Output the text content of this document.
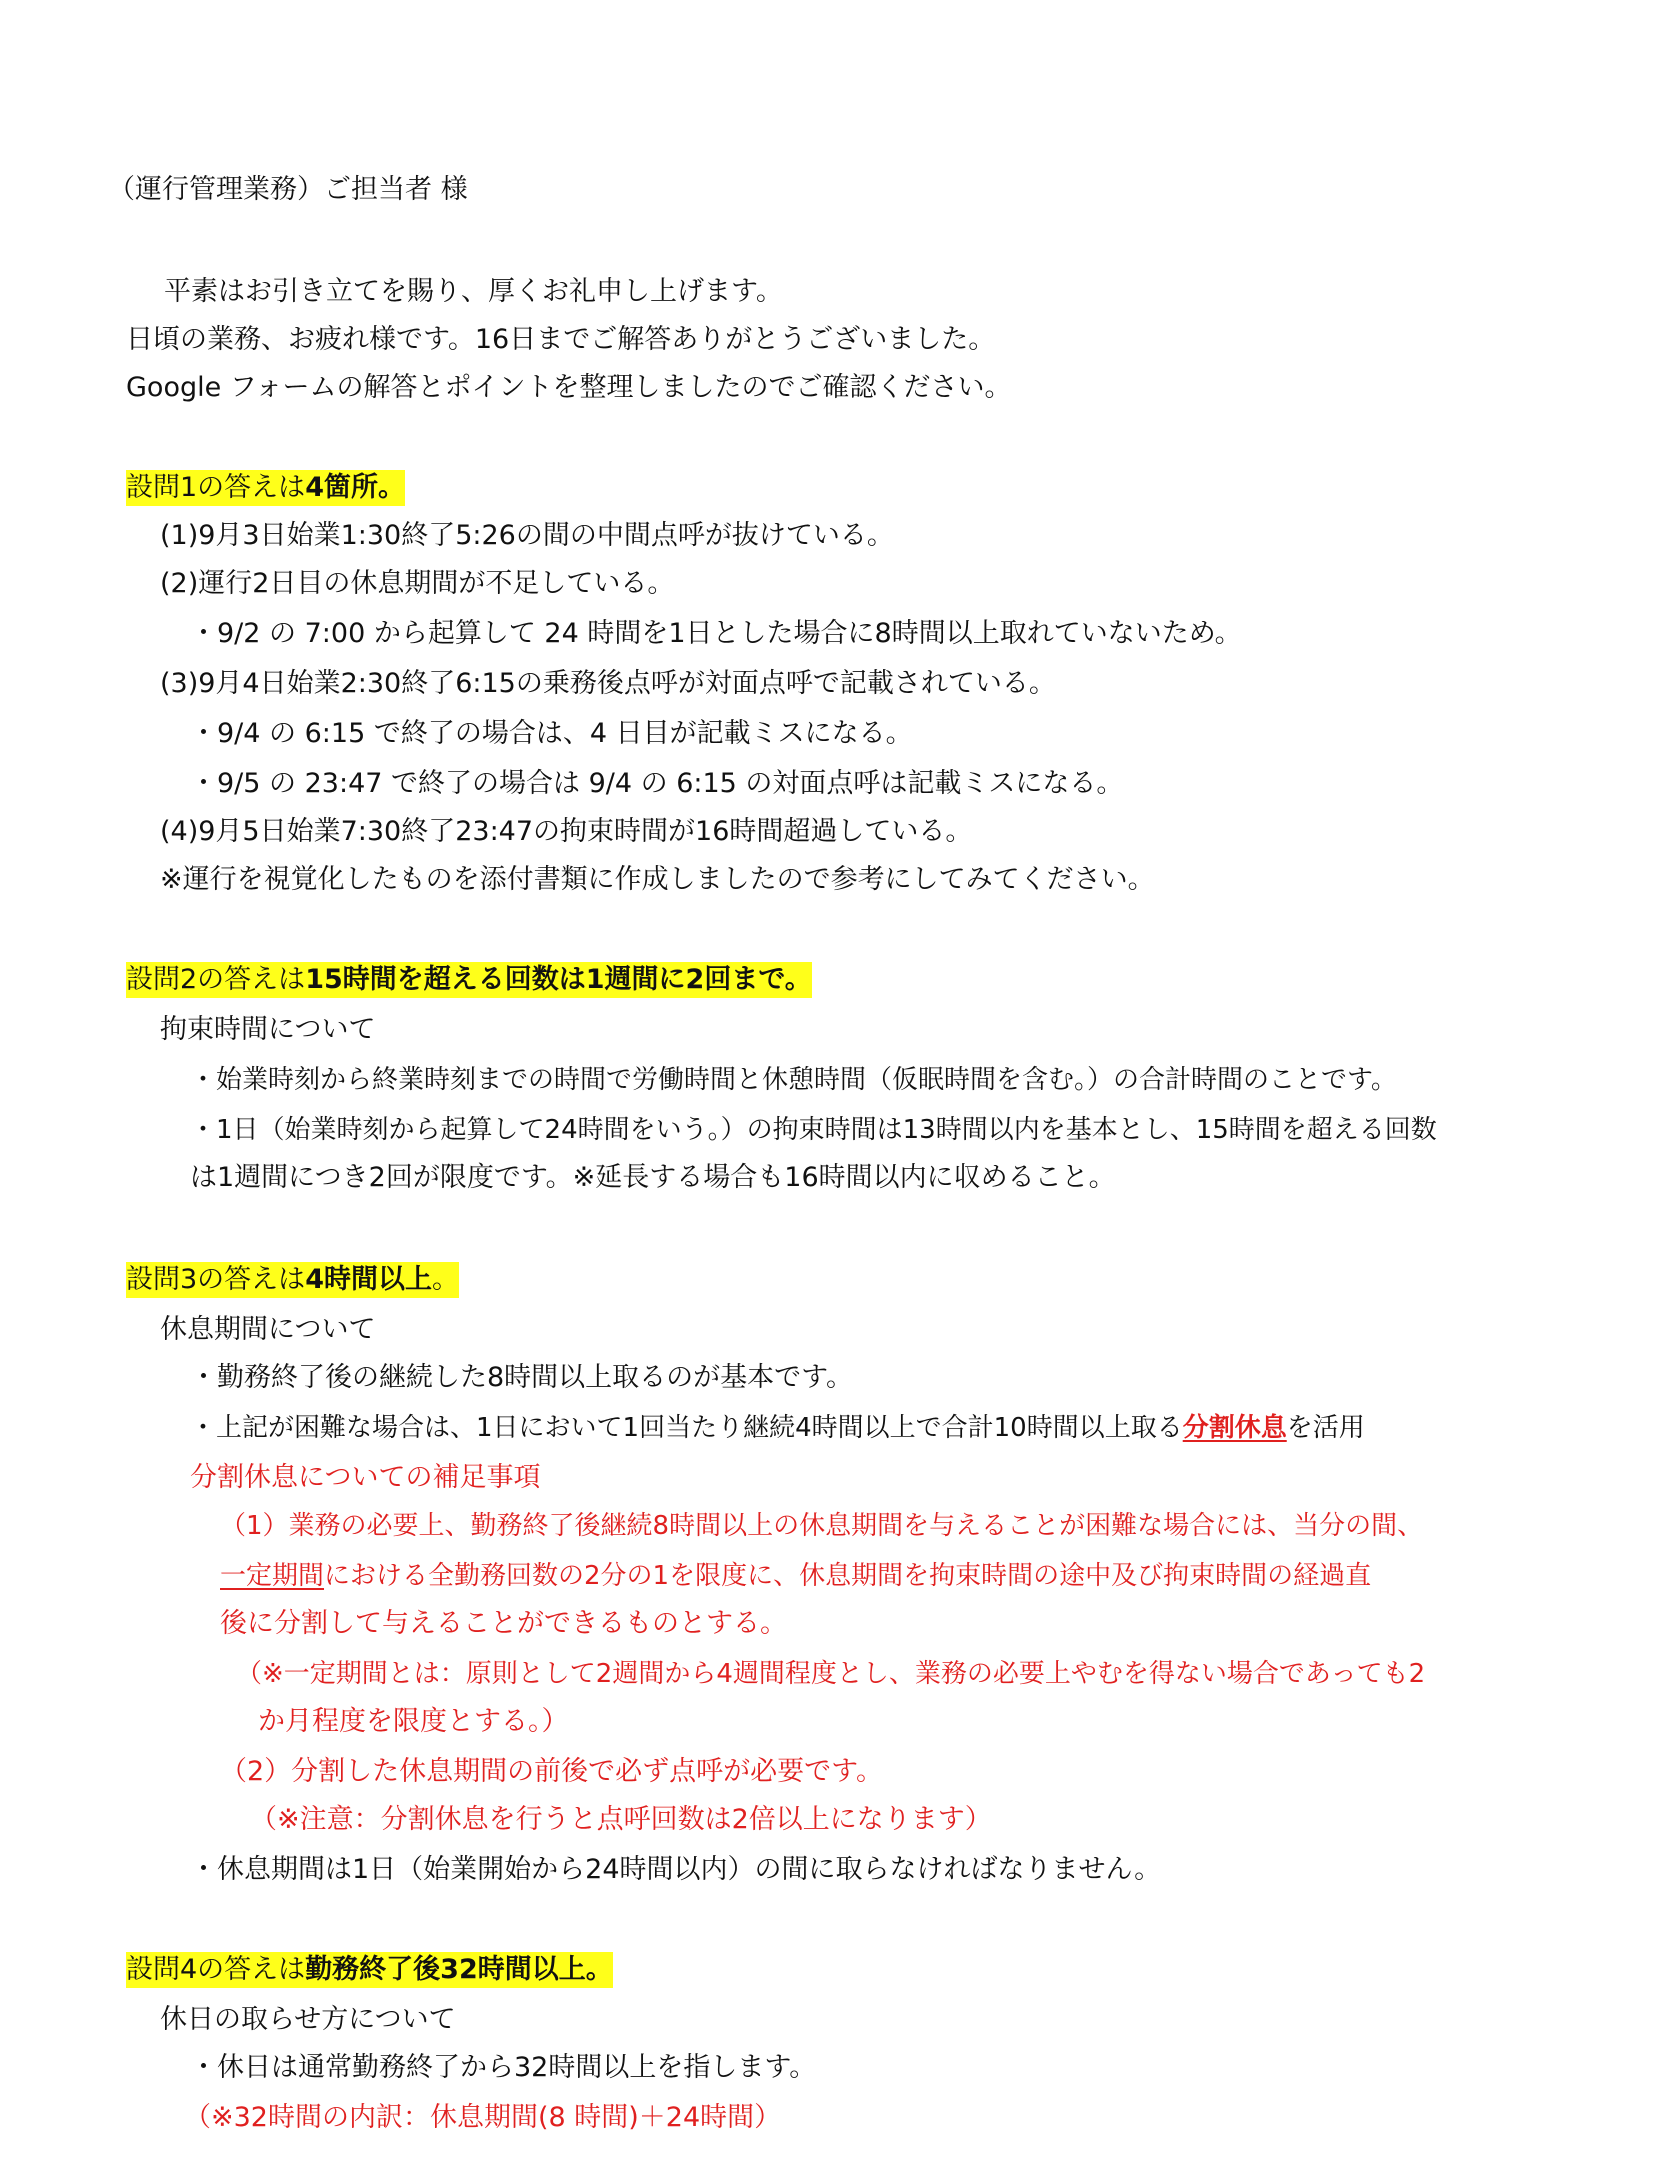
（運行管理業務）ご担当者 様
平素はお引き立てを賜り、厚くお礼申し上げます。
日頃の業務、お疲れ様です。16日までご解答ありがとうございました。
Google フォームの解答とポイントを整理しましたのでご確認ください。
設問1の答えは4箇所。
(1)9月3日始業1:30終了5:26の間の中間点呼が抜けている。
(2)運行2日目の休息期間が不足している。
・9/2 の 7:00 から起算して 24 時間を1日とした場合に8時間以上取れていないため。
(3)9月4日始業2:30終了6:15の乗務後点呼が対面点呼で記載されている。
・9/4 の 6:15 で終了の場合は、4 日目が記載ミスになる。
・9/5 の 23:47 で終了の場合は 9/4 の 6:15 の対面点呼は記載ミスになる。
(4)9月5日始業7:30終了23:47の拘束時間が16時間超過している。
※運行を視覚化したものを添付書類に作成しましたので参考にしてみてください。
設問2の答えは15時間を超える回数は1週間に2回まで。
拘束時間について
・始業時刻から終業時刻までの時間で労働時間と休憩時間（仮眠時間を含む。）の合計時間のことです。
・1日（始業時刻から起算して24時間をいう。）の拘束時間は13時間以内を基本とし、15時間を超える回数
は1週間につき2回が限度です。※延長する場合も16時間以内に収めること。
設問3の答えは4時間以上。
休息期間について
・勤務終了後の継続した8時間以上取るのが基本です。
・上記が困難な場合は、1日において1回当たり継続4時間以上で合計10時間以上取る分割休息を活用
分割休息についての補足事項
（1）業務の必要上、勤務終了後継続8時間以上の休息期間を与えることが困難な場合には、当分の間、
一定期間における全勤務回数の2分の1を限度に、休息期間を拘束時間の途中及び拘束時間の経過直
後に分割して与えることができるものとする。
（※一定期間とは：原則として2週間から4週間程度とし、業務の必要上やむを得ない場合であっても2
か月程度を限度とする。）
（2）分割した休息期間の前後で必ず点呼が必要です。
（※注意：分割休息を行うと点呼回数は2倍以上になります）
・休息期間は1日（始業開始から24時間以内）の間に取らなければなりません。
設問4の答えは勤務終了後32時間以上。
休日の取らせ方について
・休日は通常勤務終了から32時間以上を指します。
（※32時間の内訳：休息期間(8 時間)＋24時間）
